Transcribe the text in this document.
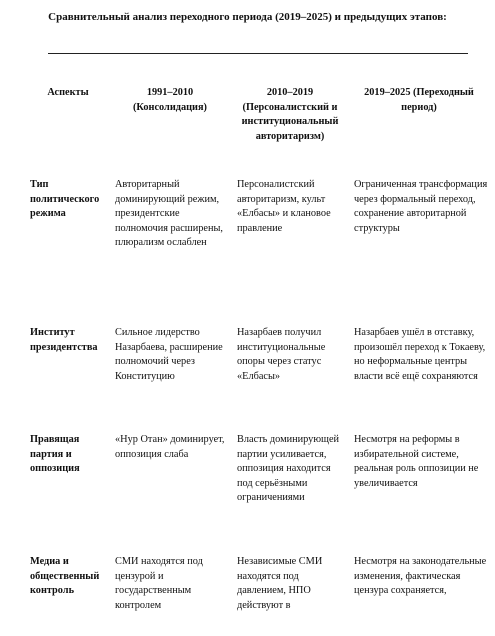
Сравнительный анализ переходного периода (2019–2025) и предыдущих этапов:
Аспекты	1991–2010 (Консолидация)
2010–2019 (Персоналистский и институциональный авторитаризм)
2019–2025 (Переходный период)
Тип политического режима
Авторитарный доминирующий режим, президентские полномочия расширены, плюрализм ослаблен
Персоналистский авторитаризм, культ «Елбасы» и клановое правление
Ограниченная трансформация через формальный переход, сохранение авторитарной структуры
Институт президентства
Сильное лидерство Назарбаева, расширение полномочий через Конституцию
Назарбаев получил институциональные опоры через статус «Елбасы»
Назарбаев ушёл в отставку, произошёл переход к Токаеву, но неформальные центры власти всё ещё сохраняются
Правящая партия и оппозиция
«Нур Отан» доминирует, оппозиция слаба
Власть доминирующей партии усиливается, оппозиция находится под серьёзными ограничениями
Несмотря на реформы в избирательной системе, реальная роль оппозиции не увеличивается
Медиа и общественный контроль
СМИ находятся под цензурой и государственным контролем
Независимые СМИ находятся под давлением, НПО действуют в
Несмотря на законодательные изменения, фактическая цензура сохраняется,
